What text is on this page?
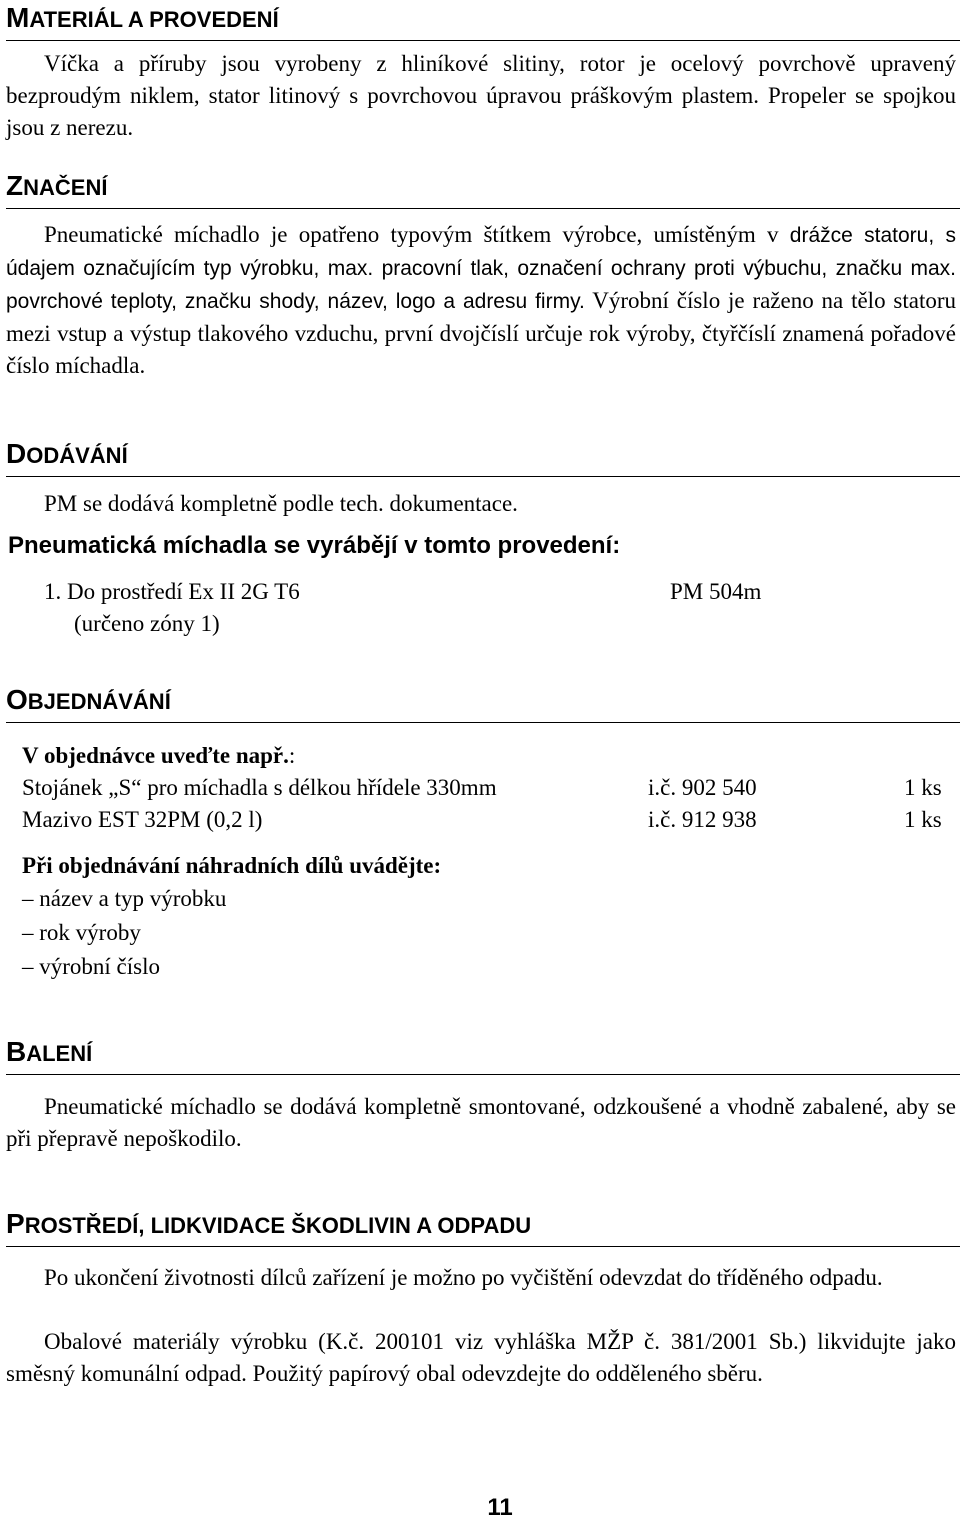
MATERIÁL A PROVEDENÍ

Víčka a příruby jsou vyrobeny z hliníkové slitiny, rotor je ocelový povrchově upravený bezproudým niklem, stator litinový s povrchovou úpravou práškovým plastem. Propeler se spojkou jsou z nerezu.

ZNAČENÍ

Pneumatické míchadlo je opatřeno typovým štítkem výrobce, umístěným v drážce statoru, s údajem označujícím typ výrobku, max. pracovní tlak, označení ochrany proti výbuchu, značku max. povrchové teploty, značku shody, název, logo a adresu firmy. Výrobní číslo je raženo na tělo statoru mezi vstup a výstup tlakového vzduchu, první dvojčíslí určuje rok výroby, čtyřčíslí znamená pořadové číslo míchadla.

DODÁVÁNÍ
PM se dodává kompletně podle tech. dokumentace.
Pneumatická míchadla se vyrábějí v tomto provedení:
1. Do prostředí Ex II 2G T6	PM 504m
(určeno zóny 1)
OBJEDNÁVÁNÍ
V objednávce uveďte např.:
Stojánek „S“ pro míchadla s délkou hřídele 330mm	i.č. 902 540	1 ks
Mazivo EST 32PM (0,2 l)	i.č. 912 938	1 ks
Při objednávání náhradních dílů uvádějte:
– název a typ výrobku
– rok výroby
– výrobní číslo
BALENÍ

Pneumatické míchadlo se dodává kompletně smontované, odzkoušené a vhodně zabalené, aby se při přepravě nepoškodilo.

PROSTŘEDÍ, LIDKVIDACE ŠKODLIVIN A ODPADU

Po ukončení životnosti dílců zařízení je možno po vyčištění odevzdat do tříděného odpadu.

Obalové materiály výrobku (K.č. 200101 viz vyhláška MŽP č. 381/2001 Sb.) likvidujte jako směsný komunální odpad. Použitý papírový obal odevzdejte do odděleného sběru.

11
